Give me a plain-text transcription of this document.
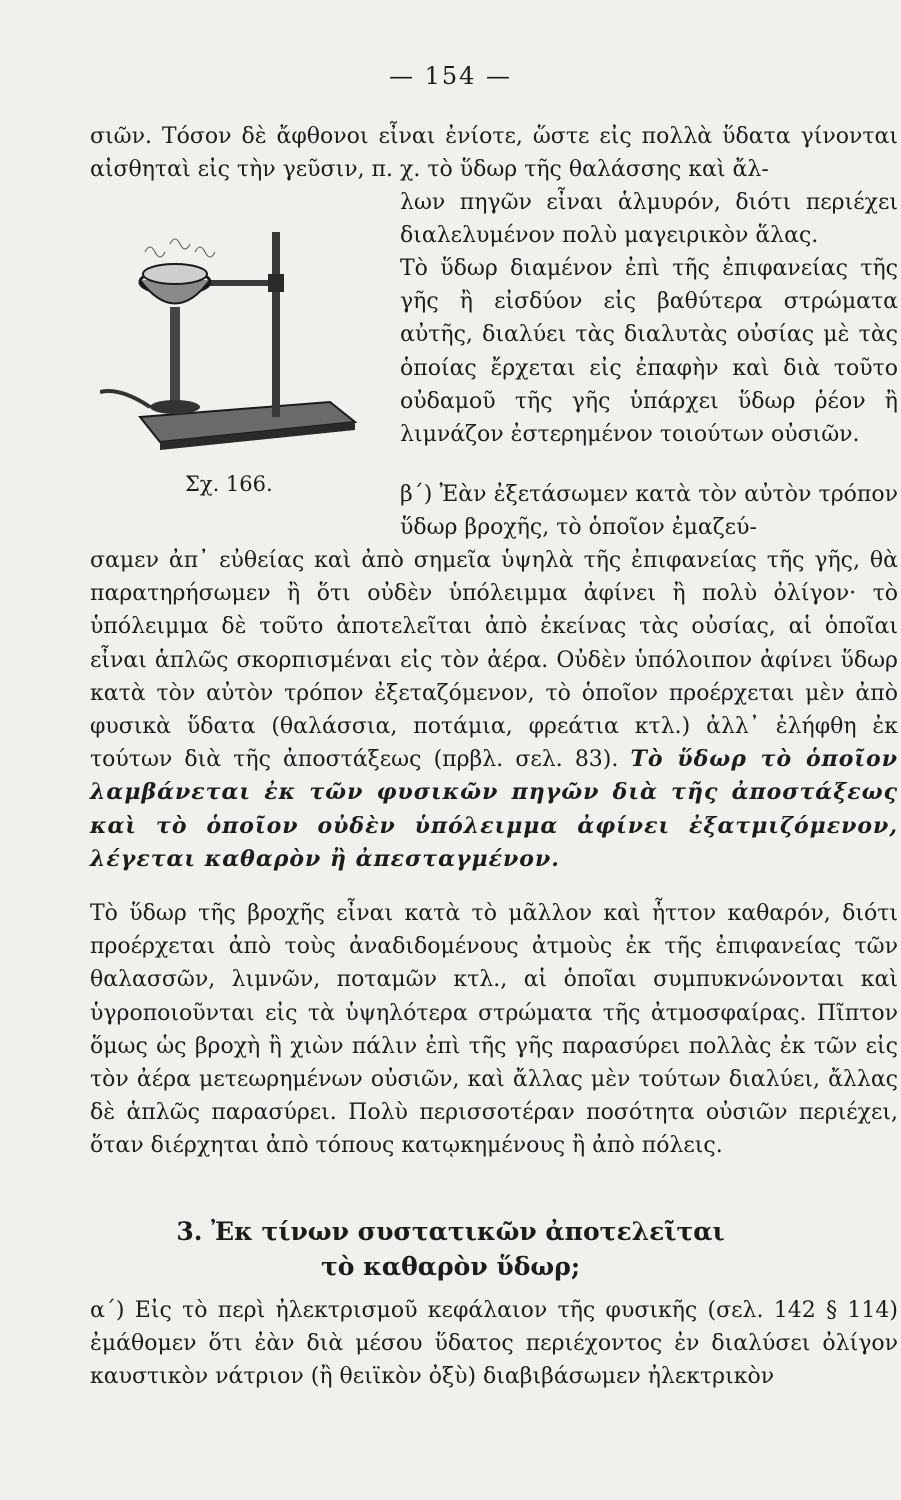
— 154 —

σιῶν. Τόσον δὲ ἄφθονοι εἶναι ἐνίοτε, ὥστε εἰς πολλὰ ὕδατα γίνονται αἰσθηταὶ εἰς τὴν γεῦσιν, π. χ. τὸ ὕδωρ τῆς θαλάσσης καὶ ἄλ-

λων πηγῶν εἶναι ἁλμυρόν, διότι περιέχει διαλελυμένον πολὺ μαγειρικὸν ἅλας.

Σχ. 166.

Τὸ ὕδωρ διαμένον ἐπὶ τῆς ἐπιφανείας τῆς γῆς ἢ εἰσδύον εἰς βαθύτερα στρώματα αὐτῆς, διαλύει τὰς διαλυτὰς οὐσίας μὲ τὰς ὁποίας ἔρχεται εἰς ἐπαφὴν καὶ διὰ τοῦτο οὐδαμοῦ τῆς γῆς ὑπάρχει ὕδωρ ῥέον ἢ λιμνάζον ἐστερημένον τοιούτων οὐσιῶν.

β΄) Ἐὰν ἐξετάσωμεν κατὰ τὸν αὐτὸν τρόπον ὕδωρ βροχῆς, τὸ ὁποῖον ἐμαζεύ-

σαμεν ἀπ᾽ εὐθείας καὶ ἀπὸ σημεῖα ὑψηλὰ τῆς ἐπιφανείας τῆς γῆς, θὰ παρατηρήσωμεν ἢ ὅτι οὐδὲν ὑπόλειμμα ἀφίνει ἢ πολὺ ὀλίγον· τὸ ὑπόλειμμα δὲ τοῦτο ἀποτελεῖται ἀπὸ ἐκείνας τὰς οὐσίας, αἱ ὁποῖαι εἶναι ἁπλῶς σκορπισμέναι εἰς τὸν ἀέρα. Οὐδὲν ὑπόλοιπον ἀφίνει ὕδωρ κατὰ τὸν αὐτὸν τρόπον ἐξεταζόμενον, τὸ ὁποῖον προέρχεται μὲν ἀπὸ φυσικὰ ὕδατα (θαλάσσια, ποτάμια, φρεάτια κτλ.) ἀλλ᾽ ἐλήφθη ἐκ τούτων διὰ τῆς ἀποστάξεως (πρβλ. σελ. 83). Τὸ ὕδωρ τὸ ὁποῖον λαμβάνεται ἐκ τῶν φυσικῶν πηγῶν διὰ τῆς ἀποστάξεως καὶ τὸ ὁποῖον οὐδὲν ὑπόλειμμα ἀφίνει ἐξατμιζόμενον, λέγεται καθαρὸν ἢ ἀπεσταγμένον.

Τὸ ὕδωρ τῆς βροχῆς εἶναι κατὰ τὸ μᾶλλον καὶ ἧττον καθαρόν, διότι προέρχεται ἀπὸ τοὺς ἀναδιδομένους ἀτμοὺς ἐκ τῆς ἐπιφανείας τῶν θαλασσῶν, λιμνῶν, ποταμῶν κτλ., αἱ ὁποῖαι συμπυκνώνονται καὶ ὑγροποιοῦνται εἰς τὰ ὑψηλότερα στρώματα τῆς ἀτμοσφαίρας. Πῖπτον ὅμως ὡς βροχὴ ἢ χιὼν πάλιν ἐπὶ τῆς γῆς παρασύρει πολλὰς ἐκ τῶν εἰς τὸν ἀέρα μετεωρημένων οὐσιῶν, καὶ ἄλλας μὲν τούτων διαλύει, ἄλλας δὲ ἁπλῶς παρασύρει. Πολὺ περισσοτέραν ποσότητα οὐσιῶν περιέχει, ὅταν διέρχηται ἀπὸ τόπους κατῳκημένους ἢ ἀπὸ πόλεις.

3. Ἐκ τίνων συστατικῶν ἀποτελεῖται
τὸ καθαρὸν ὕδωρ;

α΄) Εἰς τὸ περὶ ἠλεκτρισμοῦ κεφάλαιον τῆς φυσικῆς (σελ. 142 § 114) ἐμάθομεν ὅτι ἐὰν διὰ μέσου ὕδατος περιέχοντος ἐν διαλύσει ὀλίγον καυστικὸν νάτριον (ἢ θειϊκὸν ὀξὺ) διαβιβάσωμεν ἠλεκτρικὸν
